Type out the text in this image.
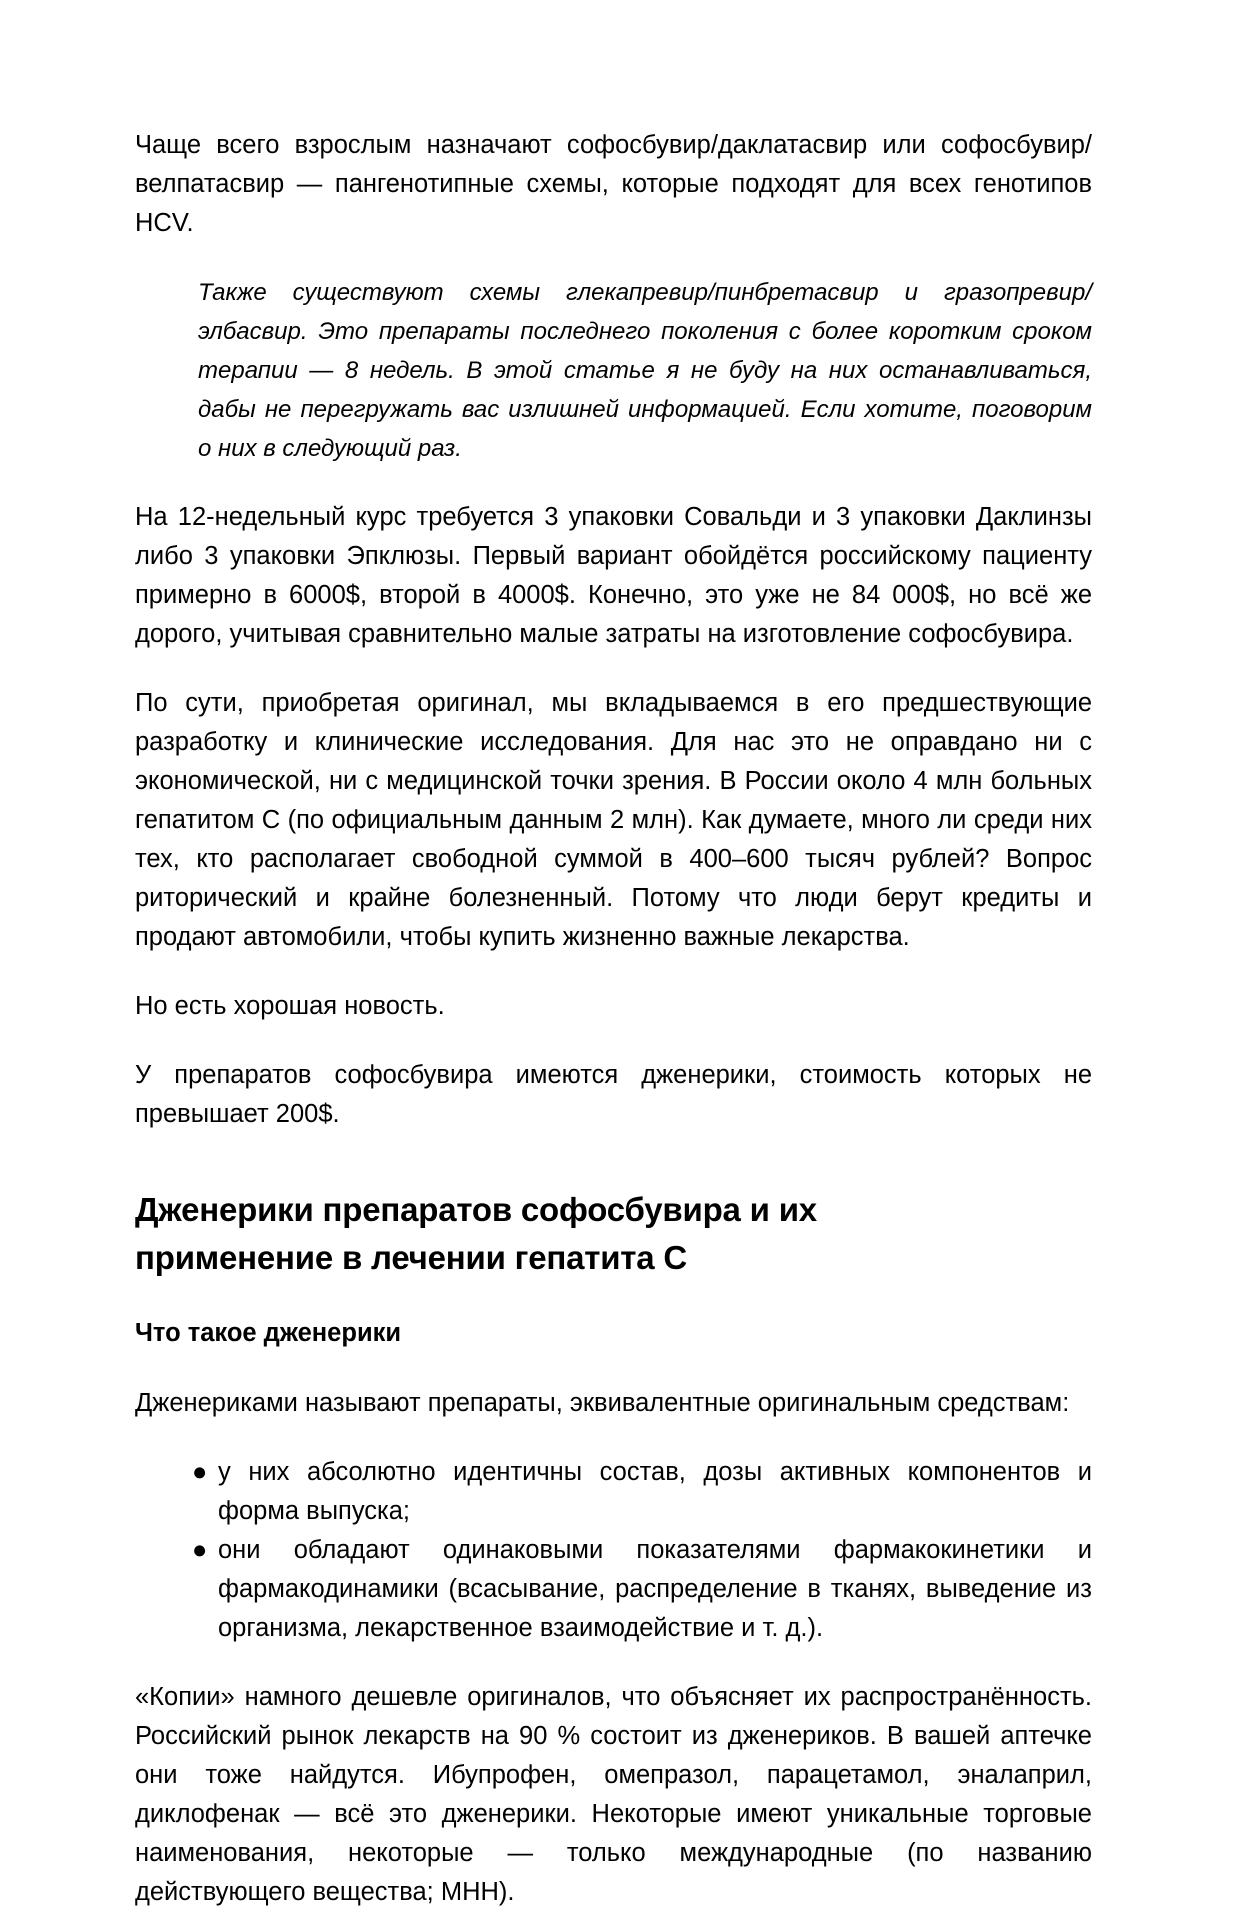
Чаще всего взрослым назначают софосбувир/даклатасвир или софосбувир/велпатасвир — пангенотипные схемы, которые подходят для всех генотипов HCV.

Также существуют схемы глекапревир/пинбретасвир и гразопревир/элбасвир. Это препараты последнего поколения с более коротким сроком терапии — 8 недель. В этой статье я не буду на них останавливаться, дабы не перегружать вас излишней информацией. Если хотите, поговорим о них в следующий раз.

На 12-недельный курс требуется 3 упаковки Совальди и 3 упаковки Даклинзы либо 3 упаковки Эпклюзы. Первый вариант обойдётся российскому пациенту примерно в 6000$, второй в 4000$. Конечно, это уже не 84 000$, но всё же дорого, учитывая сравнительно малые затраты на изготовление софосбувира.

По сути, приобретая оригинал, мы вкладываемся в его предшествующие разработку и клинические исследования. Для нас это не оправдано ни с экономической, ни с медицинской точки зрения. В России около 4 млн больных гепатитом С (по официальным данным 2 млн). Как думаете, много ли среди них тех, кто располагает свободной суммой в 400–600 тысяч рублей? Вопрос риторический и крайне болезненный. Потому что люди берут кредиты и продают автомобили, чтобы купить жизненно важные лекарства.

Но есть хорошая новость.

У препаратов софосбувира имеются дженерики, стоимость которых не превышает 200$.

Дженерики препаратов софосбувира и их применение в лечении гепатита С
Что такое дженерики

Дженериками называют препараты, эквивалентные оригинальным средствам:

● у них абсолютно идентичны состав, дозы активных компонентов и форма выпуска;
● они обладают одинаковыми показателями фармакокинетики и фармакодинамики (всасывание, распределение в тканях, выведение из организма, лекарственное взаимодействие и т. д.).

«Копии» намного дешевле оригиналов, что объясняет их распространённость. Российский рынок лекарств на 90 % состоит из дженериков. В вашей аптечке они тоже найдутся. Ибупрофен, омепразол, парацетамол, эналаприл, диклофенак — всё это дженерики. Некоторые имеют уникальные торговые наименования, некоторые — только международные (по названию действующего вещества; МНН).
